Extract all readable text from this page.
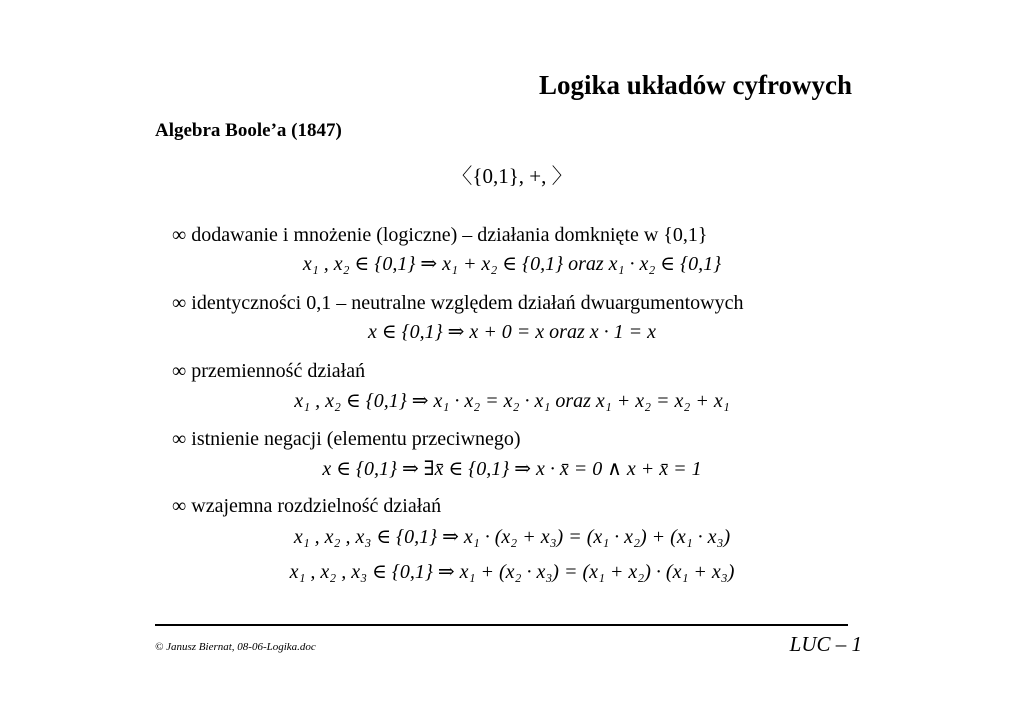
Logika układów cyfrowych
Algebra Boole’a (1847)
〈{0,1}, +, 〉
∞ dodawanie i mnożenie (logiczne) – działania domknięte w {0,1}
x₁ , x₂ ∈ {0,1} ⇒ x₁ + x₂ ∈ {0,1} oraz x₁ · x₂ ∈ {0,1}
∞ identyczności 0,1 – neutralne względem działań dwuargumentowych
x ∈ {0,1} ⇒ x + 0 = x oraz x · 1 = x
∞ przemienność działań
x₁ , x₂ ∈ {0,1} ⇒ x₁ · x₂ = x₂ · x₁ oraz x₁ + x₂ = x₂ + x₁
∞ istnienie negacji (elementu przeciwnego)
x ∈ {0,1} ⇒ ∃x̄ ∈ {0,1} ⇒ x · x̄ = 0 ∧ x + x̄ = 1
∞ wzajemna rozdzielność działań
x₁ , x₂ , x₃ ∈ {0,1} ⇒ x₁ · (x₂ + x₃) = (x₁ · x₂) + (x₁ · x₃)
x₁ , x₂ , x₃ ∈ {0,1} ⇒ x₁ + (x₂ · x₃) = (x₁ + x₂) · (x₁ + x₃)
© Janusz Biernat, 08-06-Logika.doc	LUC – 1
